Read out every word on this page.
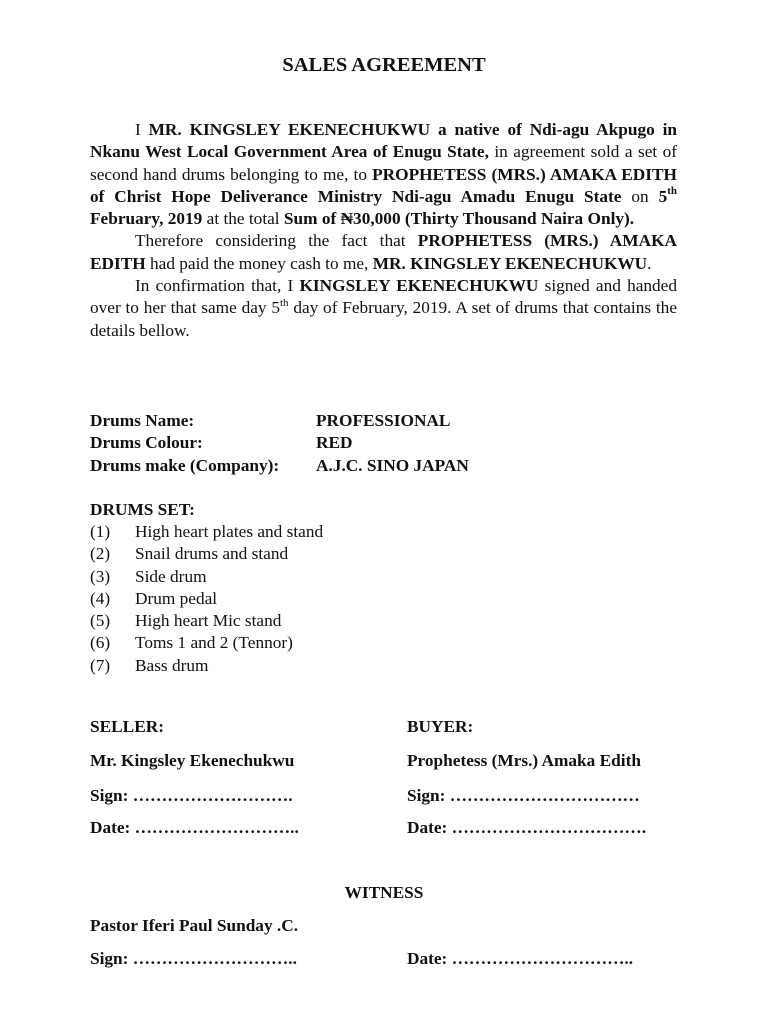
SALES AGREEMENT

I MR. KINGSLEY EKENECHUKWU a native of Ndi-agu Akpugo in Nkanu West Local Government Area of Enugu State, in agreement sold a set of second hand drums belonging to me, to PROPHETESS (MRS.) AMAKA EDITH of Christ Hope Deliverance Ministry Ndi-agu Amadu Enugu State on 5th February, 2019 at the total Sum of ₦30,000 (Thirty Thousand Naira Only).

Therefore considering the fact that PROPHETESS (MRS.) AMAKA EDITH had paid the money cash to me, MR. KINGSLEY EKENECHUKWU.

In confirmation that, I KINGSLEY EKENECHUKWU signed and handed over to her that same day 5th day of February, 2019. A set of drums that contains the details bellow.

Drums Name:	PROFESSIONAL
Drums Colour:	RED
Drums make (Company): A.J.C. SINO JAPAN
DRUMS SET:
(1) High heart plates and stand
(2) Snail drums and stand
(3) Side drum
(4) Drum pedal
(5) High heart Mic stand
(6) Toms 1 and 2 (Tennor)
(7) Bass drum
SELLER:
Mr. Kingsley Ekenechukwu
Sign: ……………………….
Date: ………………………..
BUYER:
Prophetess (Mrs.) Amaka Edith
Sign: ……………………………
Date: …………………………….
WITNESS
Pastor Iferi Paul Sunday .C.
Sign: ………………………..	Date: …………………………..
